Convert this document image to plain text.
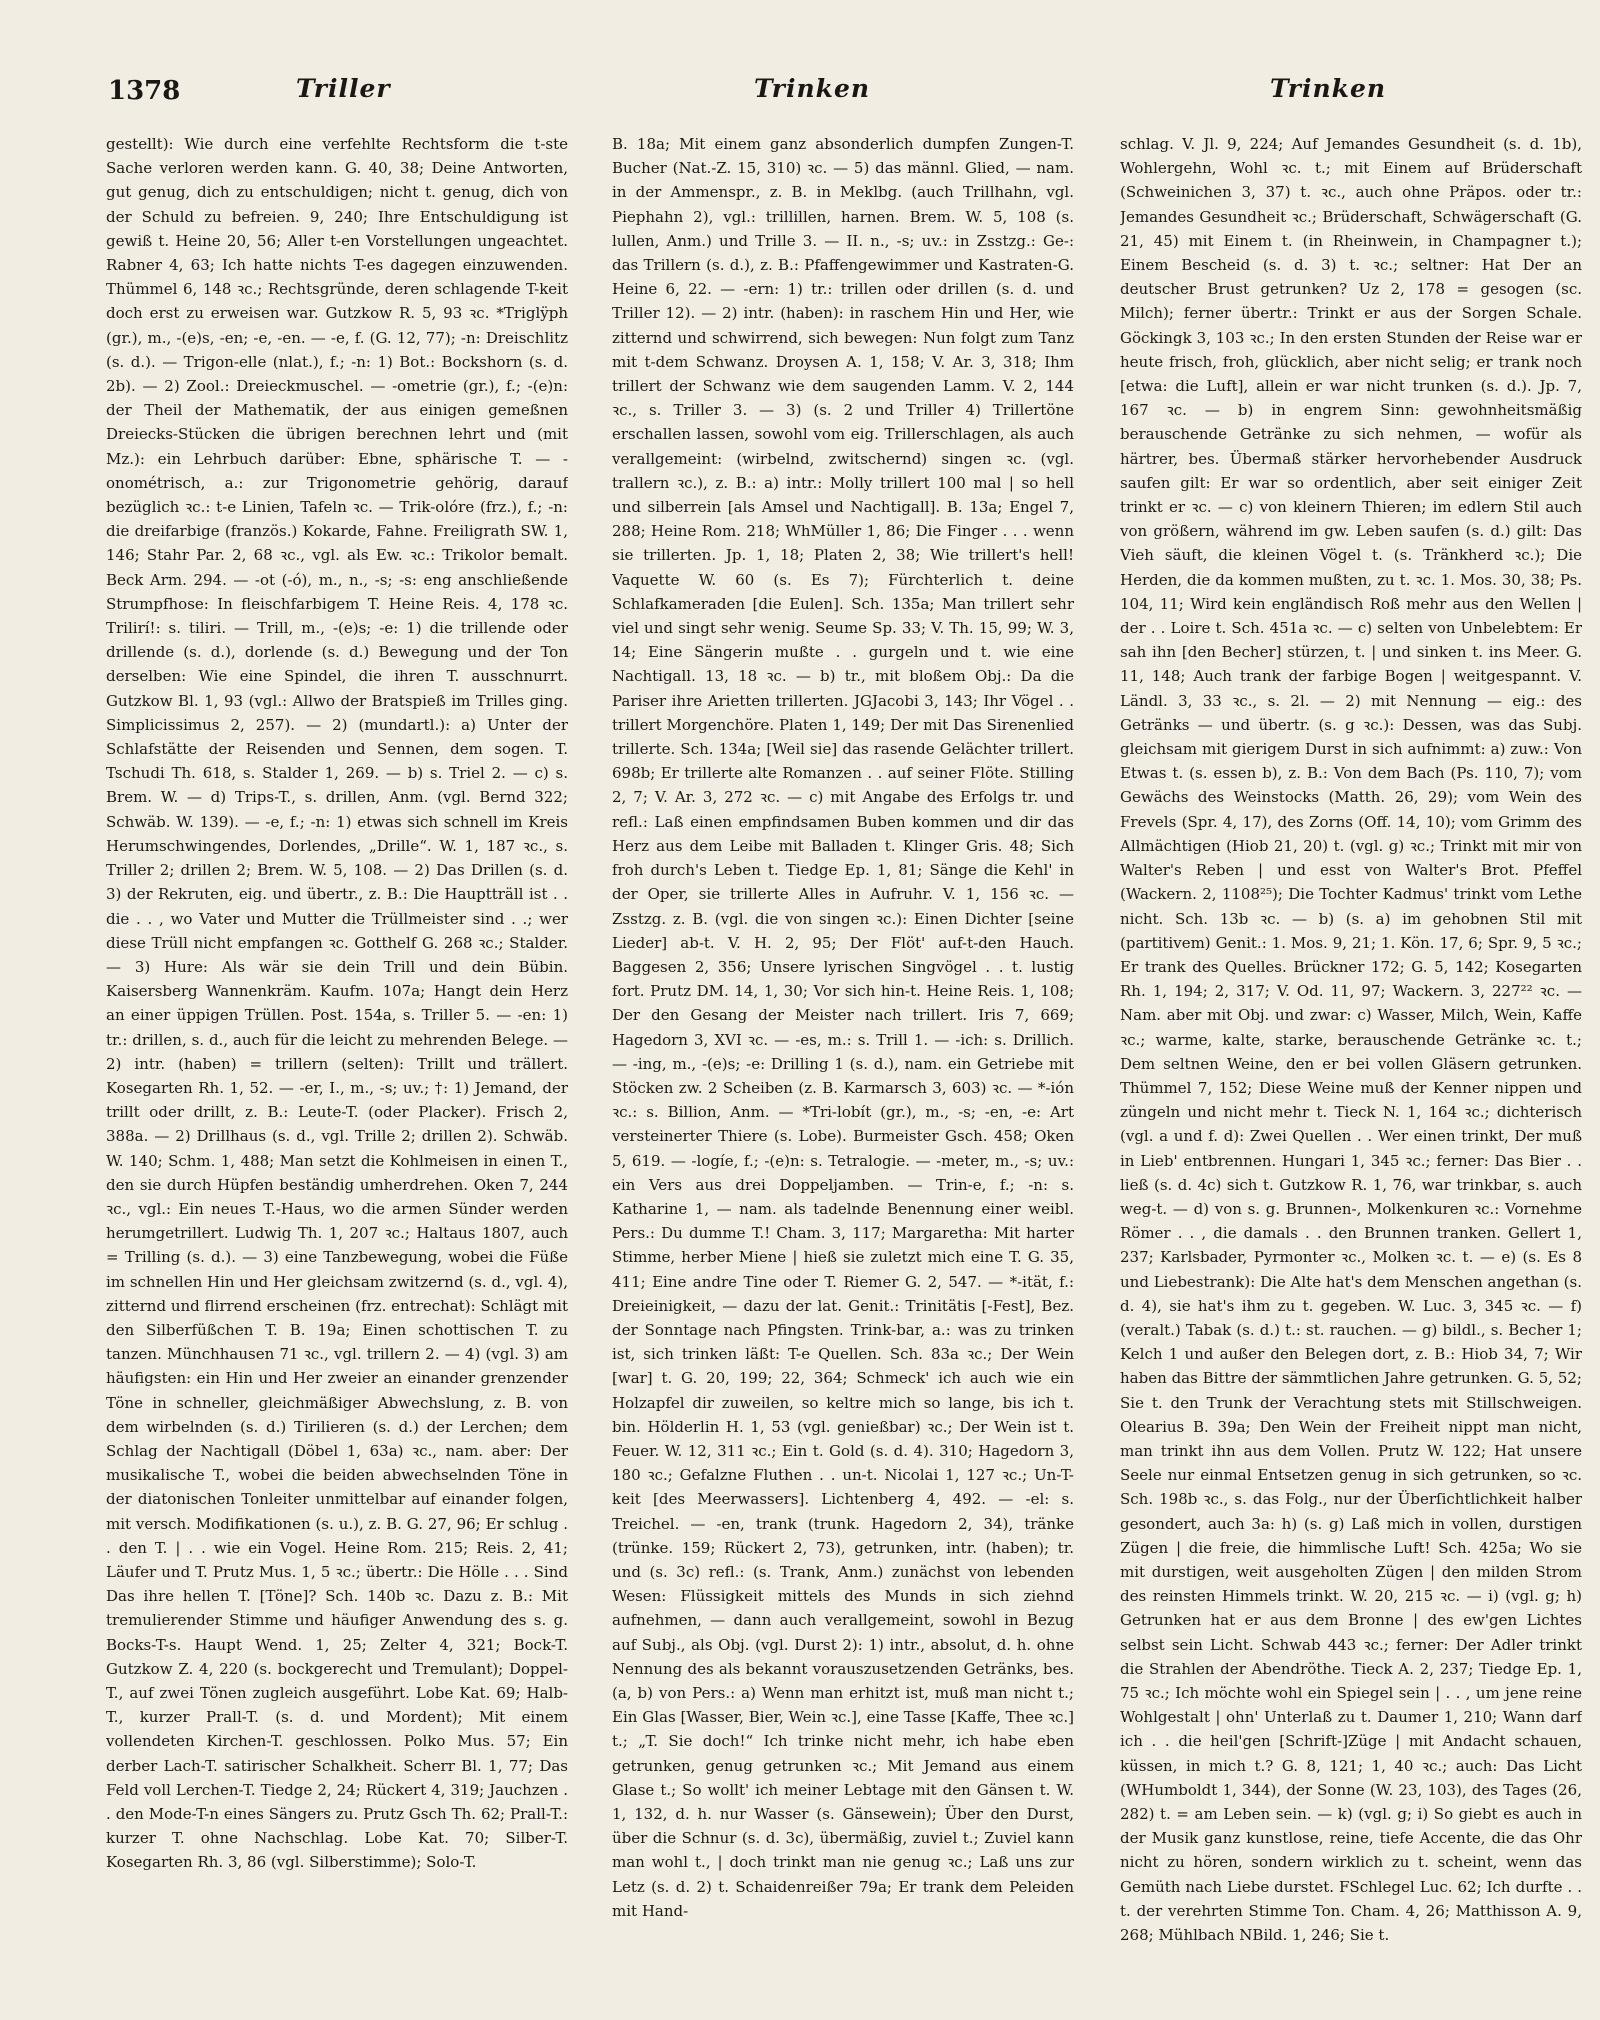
1378	Triller	Trinken	Trinken

gestellt): Wie durch eine verfehlte Rechtsform die t-ste Sache verloren werden kann. G. 40, 38; Deine Antworten, gut genug, dich zu entschuldigen; nicht t. genug, dich von der Schuld zu befreien. 9, 240; Ihre Entschuldigung ist gewiß t. Heine 20, 56; Aller t-en Vorstellungen ungeachtet. Rabner 4, 63; Ich hatte nichts T-es dagegen einzuwenden. Thümmel 6, 148 ꝛc.; Rechtsgründe, deren schlagende T-keit doch erst zu erweisen war. Gutzkow R. 5, 93 ꝛc. *Triglÿph (gr.), m., -(e)s, -en; -e, -en. — -e, f. (G. 12, 77); -n: Dreischlitz (s. d.). — Trigon-elle (nlat.), f.; -n: 1) Bot.: Bockshorn (s. d. 2b). — 2) Zool.: Dreieckmuschel. — -ometrie (gr.), f.; -(e)n: der Theil der Mathematik, der aus einigen gemeßnen Dreiecks-Stücken die übrigen berechnen lehrt und (mit Mz.): ein Lehrbuch darüber: Ebne, sphärische T. — -onométrisch, a.: zur Trigonometrie gehörig, darauf bezüglich ꝛc.: t-e Linien, Tafeln ꝛc. — Trik-olóre (frz.), f.; -n: die dreifarbige (französ.) Kokarde, Fahne. Freiligrath SW. 1, 146; Stahr Par. 2, 68 ꝛc., vgl. als Ew. ꝛc.: Trikolor bemalt. Beck Arm. 294. — -ot (-ó), m., n., -s; -s: eng anschließende Strumpfhose: In fleischfarbigem T. Heine Reis. 4, 178 ꝛc. Trilirí!: s. tiliri. — Trill, m., -(e)s; -e: 1) die trillende oder drillende (s. d.), dorlende (s. d.) Bewegung und der Ton derselben: Wie eine Spindel, die ihren T. ausschnurrt. Gutzkow Bl. 1, 93 (vgl.: Allwo der Bratspieß im Trilles ging. Simplicissimus 2, 257). — 2) (mundartl.): a) Unter der Schlafstätte der Reisenden und Sennen, dem sogen. T. Tschudi Th. 618, s. Stalder 1, 269. — b) s. Triel 2. — c) s. Brem. W. — d) Trips-T., s. drillen, Anm. (vgl. Bernd 322; Schwäb. W. 139). — -e, f.; -n: 1) etwas sich schnell im Kreis Herumschwingendes, Dorlendes, „Drille“. W. 1, 187 ꝛc., s. Triller 2; drillen 2; Brem. W. 5, 108. — 2) Das Drillen (s. d. 3) der Rekruten, eig. und übertr., z. B.: Die Hauptträll ist . . die . . , wo Vater und Mutter die Trüllmeister sind . .; wer diese Trüll nicht empfangen ꝛc. Gotthelf G. 268 ꝛc.; Stalder. — 3) Hure: Als wär sie dein Trill und dein Bübin. Kaisersberg Wannenkräm. Kaufm. 107a; Hangt dein Herz an einer üppigen Trüllen. Post. 154a, s. Triller 5. — -en: 1) tr.: drillen, s. d., auch für die leicht zu mehrenden Belege. — 2) intr. (haben) = trillern (selten): Trillt und trällert. Kosegarten Rh. 1, 52. — -er, I., m., -s; uv.; †: 1) Jemand, der trillt oder drillt, z. B.: Leute-T. (oder Placker). Frisch 2, 388a. — 2) Drillhaus (s. d., vgl. Trille 2; drillen 2). Schwäb. W. 140; Schm. 1, 488; Man setzt die Kohlmeisen in einen T., den sie durch Hüpfen beständig umherdrehen. Oken 7, 244 ꝛc., vgl.: Ein neues T.-Haus, wo die armen Sünder werden herumgetrillert. Ludwig Th. 1, 207 ꝛc.; Haltaus 1807, auch = Trilling (s. d.). — 3) eine Tanzbewegung, wobei die Füße im schnellen Hin und Her gleichsam zwitzernd (s. d., vgl. 4), zitternd und flirrend erscheinen (frz. entrechat): Schlägt mit den Silberfüßchen T. B. 19a; Einen schottischen T. zu tanzen. Münchhausen 71 ꝛc., vgl. trillern 2. — 4) (vgl. 3) am häufigsten: ein Hin und Her zweier an einander grenzender Töne in schneller, gleichmäßiger Abwechslung, z. B. von dem wirbelnden (s. d.) Tirilieren (s. d.) der Lerchen; dem Schlag der Nachtigall (Döbel 1, 63a) ꝛc., nam. aber: Der musikalische T., wobei die beiden abwechselnden Töne in der diatonischen Tonleiter unmittelbar auf einander folgen, mit versch. Modifikationen (s. u.), z. B. G. 27, 96; Er schlug . . den T. | . . wie ein Vogel. Heine Rom. 215; Reis. 2, 41; Läufer und T. Prutz Mus. 1, 5 ꝛc.; übertr.: Die Hölle . . . Sind Das ihre hellen T. [Töne]? Sch. 140b ꝛc. Dazu z. B.: Mit tremulierender Stimme und häufiger Anwendung des s. g. Bocks-T-s. Haupt Wend. 1, 25; Zelter 4, 321; Bock-T. Gutzkow Z. 4, 220 (s. bockgerecht und Tremulant); Doppel-T., auf zwei Tönen zugleich ausgeführt. Lobe Kat. 69; Halb-T., kurzer Prall-T. (s. d. und Mordent); Mit einem vollendeten Kirchen-T. geschlossen. Polko Mus. 57; Ein derber Lach-T. satirischer Schalkheit. Scherr Bl. 1, 77; Das Feld voll Lerchen-T. Tiedge 2, 24; Rückert 4, 319; Jauchzen . . den Mode-T-n eines Sängers zu. Prutz Gsch Th. 62; Prall-T.: kurzer T. ohne Nachschlag. Lobe Kat. 70; Silber-T. Kosegarten Rh. 3, 86 (vgl. Silberstimme); Solo-T.

B. 18a; Mit einem ganz absonderlich dumpfen Zungen-T. Bucher (Nat.-Z. 15, 310) ꝛc. — 5) das männl. Glied, — nam. in der Ammenspr., z. B. in Meklbg. (auch Trillhahn, vgl. Piephahn 2), vgl.: trillillen, harnen. Brem. W. 5, 108 (s. lullen, Anm.) und Trille 3. — II. n., -s; uv.: in Zsstzg.: Ge-: das Trillern (s. d.), z. B.: Pfaffengewimmer und Kastraten-G. Heine 6, 22. — -ern: 1) tr.: trillen oder drillen (s. d. und Triller 12). — 2) intr. (haben): in raschem Hin und Her, wie zitternd und schwirrend, sich bewegen: Nun folgt zum Tanz mit t-dem Schwanz. Droysen A. 1, 158; V. Ar. 3, 318; Ihm trillert der Schwanz wie dem saugenden Lamm. V. 2, 144 ꝛc., s. Triller 3. — 3) (s. 2 und Triller 4) Trillertöne erschallen lassen, sowohl vom eig. Trillerschlagen, als auch verallgemeint: (wirbelnd, zwitschernd) singen ꝛc. (vgl. trallern ꝛc.), z. B.: a) intr.: Molly trillert 100 mal | so hell und silberrein [als Amsel und Nachtigall]. B. 13a; Engel 7, 288; Heine Rom. 218; WhMüller 1, 86; Die Finger . . . wenn sie trillerten. Jp. 1, 18; Platen 2, 38; Wie trillert's hell! Vaquette W. 60 (s. Es 7); Fürchterlich t. deine Schlafkameraden [die Eulen]. Sch. 135a; Man trillert sehr viel und singt sehr wenig. Seume Sp. 33; V. Th. 15, 99; W. 3, 14; Eine Sängerin mußte . . gurgeln und t. wie eine Nachtigall. 13, 18 ꝛc. — b) tr., mit bloßem Obj.: Da die Pariser ihre Arietten trillerten. JGJacobi 3, 143; Ihr Vögel . . trillert Morgenchöre. Platen 1, 149; Der mit Das Sirenenlied trillerte. Sch. 134a; [Weil sie] das rasende Gelächter trillert. 698b; Er trillerte alte Romanzen . . auf seiner Flöte. Stilling 2, 7; V. Ar. 3, 272 ꝛc. — c) mit Angabe des Erfolgs tr. und refl.: Laß einen empfindsamen Buben kommen und dir das Herz aus dem Leibe mit Balladen t. Klinger Gris. 48; Sich froh durch's Leben t. Tiedge Ep. 1, 81; Sänge die Kehl' in der Oper, sie trillerte Alles in Aufruhr. V. 1, 156 ꝛc. — Zsstzg. z. B. (vgl. die von singen ꝛc.): Einen Dichter [seine Lieder] ab-t. V. H. 2, 95; Der Flöt' auf-t-den Hauch. Baggesen 2, 356; Unsere lyrischen Singvögel . . t. lustig fort. Prutz DM. 14, 1, 30; Vor sich hin-t. Heine Reis. 1, 108; Der den Gesang der Meister nach trillert. Iris 7, 669; Hagedorn 3, XVI ꝛc. — -es, m.: s. Trill 1. — -ich: s. Drillich. — -ing, m., -(e)s; -e: Drilling 1 (s. d.), nam. ein Getriebe mit Stöcken zw. 2 Scheiben (z. B. Karmarsch 3, 603) ꝛc. — *-ión ꝛc.: s. Billion, Anm. — *Tri-lobít (gr.), m., -s; -en, -e: Art versteinerter Thiere (s. Lobe). Burmeister Gsch. 458; Oken 5, 619. — -logíe, f.; -(e)n: s. Tetralogie. — -meter, m., -s; uv.: ein Vers aus drei Doppeljamben. — Trin-e, f.; -n: s. Katharine 1, — nam. als tadelnde Benennung einer weibl. Pers.: Du dumme T.! Cham. 3, 117; Margaretha: Mit harter Stimme, herber Miene | hieß sie zuletzt mich eine T. G. 35, 411; Eine andre Tine oder T. Riemer G. 2, 547. — *-ität, f.: Dreieinigkeit, — dazu der lat. Genit.: Trinitätis [-Fest], Bez. der Sonntage nach Pfingsten. Trink-bar, a.: was zu trinken ist, sich trinken läßt: T-e Quellen. Sch. 83a ꝛc.; Der Wein [war] t. G. 20, 199; 22, 364; Schmeck' ich auch wie ein Holzapfel dir zuweilen, so keltre mich so lange, bis ich t. bin. Hölderlin H. 1, 53 (vgl. genießbar) ꝛc.; Der Wein ist t. Feuer. W. 12, 311 ꝛc.; Ein t. Gold (s. d. 4). 310; Hagedorn 3, 180 ꝛc.; Gefalzne Fluthen . . un-t. Nicolai 1, 127 ꝛc.; Un-T-keit [des Meerwassers]. Lichtenberg 4, 492. — -el: s. Treichel. — -en, trank (trunk. Hagedorn 2, 34), tränke (trünke. 159; Rückert 2, 73), getrunken, intr. (haben); tr. und (s. 3c) refl.: (s. Trank, Anm.) zunächst von lebenden Wesen: Flüssigkeit mittels des Munds in sich ziehnd aufnehmen, — dann auch verallgemeint, sowohl in Bezug auf Subj., als Obj. (vgl. Durst 2): 1) intr., absolut, d. h. ohne Nennung des als bekannt vorauszusetzenden Getränks, bes. (a, b) von Pers.: a) Wenn man erhitzt ist, muß man nicht t.; Ein Glas [Wasser, Bier, Wein ꝛc.], eine Tasse [Kaffe, Thee ꝛc.] t.; „T. Sie doch!“ Ich trinke nicht mehr, ich habe eben getrunken, genug getrunken ꝛc.; Mit Jemand aus einem Glase t.; So wollt' ich meiner Lebtage mit den Gänsen t. W. 1, 132, d. h. nur Wasser (s. Gänsewein); Über den Durst, über die Schnur (s. d. 3c), übermäßig, zuviel t.; Zuviel kann man wohl t., | doch trinkt man nie genug ꝛc.; Laß uns zur Letz (s. d. 2) t. Schaidenreißer 79a; Er trank dem Peleiden mit Hand-

schlag. V. Jl. 9, 224; Auf Jemandes Gesundheit (s. d. 1b), Wohlergehn, Wohl ꝛc. t.; mit Einem auf Brüderschaft (Schweinichen 3, 37) t. ꝛc., auch ohne Präpos. oder tr.: Jemandes Gesundheit ꝛc.; Brüderschaft, Schwägerschaft (G. 21, 45) mit Einem t. (in Rheinwein, in Champagner t.); Einem Bescheid (s. d. 3) t. ꝛc.; seltner: Hat Der an deutscher Brust getrunken? Uz 2, 178 = gesogen (sc. Milch); ferner übertr.: Trinkt er aus der Sorgen Schale. Göckingk 3, 103 ꝛc.; In den ersten Stunden der Reise war er heute frisch, froh, glücklich, aber nicht selig; er trank noch [etwa: die Luft], allein er war nicht trunken (s. d.). Jp. 7, 167 ꝛc. — b) in engrem Sinn: gewohnheitsmäßig berauschende Getränke zu sich nehmen, — wofür als härtrer, bes. Übermaß stärker hervorhebender Ausdruck saufen gilt: Er war so ordentlich, aber seit einiger Zeit trinkt er ꝛc. — c) von kleinern Thieren; im edlern Stil auch von größern, während im gw. Leben saufen (s. d.) gilt: Das Vieh säuft, die kleinen Vögel t. (s. Tränkherd ꝛc.); Die Herden, die da kommen mußten, zu t. ꝛc. 1. Mos. 30, 38; Ps. 104, 11; Wird kein engländisch Roß mehr aus den Wellen | der . . Loire t. Sch. 451a ꝛc. — c) selten von Unbelebtem: Er sah ihn [den Becher] stürzen, t. | und sinken t. ins Meer. G. 11, 148; Auch trank der farbige Bogen | weitgespannt. V. Ländl. 3, 33 ꝛc., s. 2l. — 2) mit Nennung — eig.: des Getränks — und übertr. (s. g ꝛc.): Dessen, was das Subj. gleichsam mit gierigem Durst in sich aufnimmt: a) zuw.: Von Etwas t. (s. essen b), z. B.: Von dem Bach (Ps. 110, 7); vom Gewächs des Weinstocks (Matth. 26, 29); vom Wein des Frevels (Spr. 4, 17), des Zorns (Off. 14, 10); vom Grimm des Allmächtigen (Hiob 21, 20) t. (vgl. g) ꝛc.; Trinkt mit mir von Walter's Reben | und esst von Walter's Brot. Pfeffel (Wackern. 2, 1108²⁵); Die Tochter Kadmus' trinkt vom Lethe nicht. Sch. 13b ꝛc. — b) (s. a) im gehobnen Stil mit (partitivem) Genit.: 1. Mos. 9, 21; 1. Kön. 17, 6; Spr. 9, 5 ꝛc.; Er trank des Quelles. Brückner 172; G. 5, 142; Kosegarten Rh. 1, 194; 2, 317; V. Od. 11, 97; Wackern. 3, 227²² ꝛc. — Nam. aber mit Obj. und zwar: c) Wasser, Milch, Wein, Kaffe ꝛc.; warme, kalte, starke, berauschende Getränke ꝛc. t.; Dem seltnen Weine, den er bei vollen Gläsern getrunken. Thümmel 7, 152; Diese Weine muß der Kenner nippen und züngeln und nicht mehr t. Tieck N. 1, 164 ꝛc.; dichterisch (vgl. a und f. d): Zwei Quellen . . Wer einen trinkt, Der muß in Lieb' entbrennen. Hungari 1, 345 ꝛc.; ferner: Das Bier . . ließ (s. d. 4c) sich t. Gutzkow R. 1, 76, war trinkbar, s. auch weg-t. — d) von s. g. Brunnen-, Molkenkuren ꝛc.: Vornehme Römer . . , die damals . . den Brunnen tranken. Gellert 1, 237; Karlsbader, Pyrmonter ꝛc., Molken ꝛc. t. — e) (s. Es 8 und Liebestrank): Die Alte hat's dem Menschen angethan (s. d. 4), sie hat's ihm zu t. gegeben. W. Luc. 3, 345 ꝛc. — f) (veralt.) Tabak (s. d.) t.: st. rauchen. — g) bildl., s. Becher 1; Kelch 1 und außer den Belegen dort, z. B.: Hiob 34, 7; Wir haben das Bittre der sämmtlichen Jahre getrunken. G. 5, 52; Sie t. den Trunk der Verachtung stets mit Stillschweigen. Olearius B. 39a; Den Wein der Freiheit nippt man nicht, man trinkt ihn aus dem Vollen. Prutz W. 122; Hat unsere Seele nur einmal Entsetzen genug in sich getrunken, so ꝛc. Sch. 198b ꝛc., s. das Folg., nur der Überſichtlichkeit halber gesondert, auch 3a: h) (s. g) Laß mich in vollen, durstigen Zügen | die freie, die himmlische Luft! Sch. 425a; Wo sie mit durstigen, weit ausgeholten Zügen | den milden Strom des reinsten Himmels trinkt. W. 20, 215 ꝛc. — i) (vgl. g; h) Getrunken hat er aus dem Bronne | des ew'gen Lichtes selbst sein Licht. Schwab 443 ꝛc.; ferner: Der Adler trinkt die Strahlen der Abendröthe. Tieck A. 2, 237; Tiedge Ep. 1, 75 ꝛc.; Ich möchte wohl ein Spiegel sein | . . , um jene reine Wohlgestalt | ohn' Unterlaß zu t. Daumer 1, 210; Wann darf ich . . die heil'gen [Schrift-]Züge | mit Andacht schauen, küssen, in mich t.? G. 8, 121; 1, 40 ꝛc.; auch: Das Licht (WHumboldt 1, 344), der Sonne (W. 23, 103), des Tages (26, 282) t. = am Leben sein. — k) (vgl. g; i) So giebt es auch in der Musik ganz kunstlose, reine, tiefe Accente, die das Ohr nicht zu hören, sondern wirklich zu t. scheint, wenn das Gemüth nach Liebe durstet. FSchlegel Luc. 62; Ich durfte . . t. der verehrten Stimme Ton. Cham. 4, 26; Matthisson A. 9, 268; Mühlbach NBild. 1, 246; Sie t.
